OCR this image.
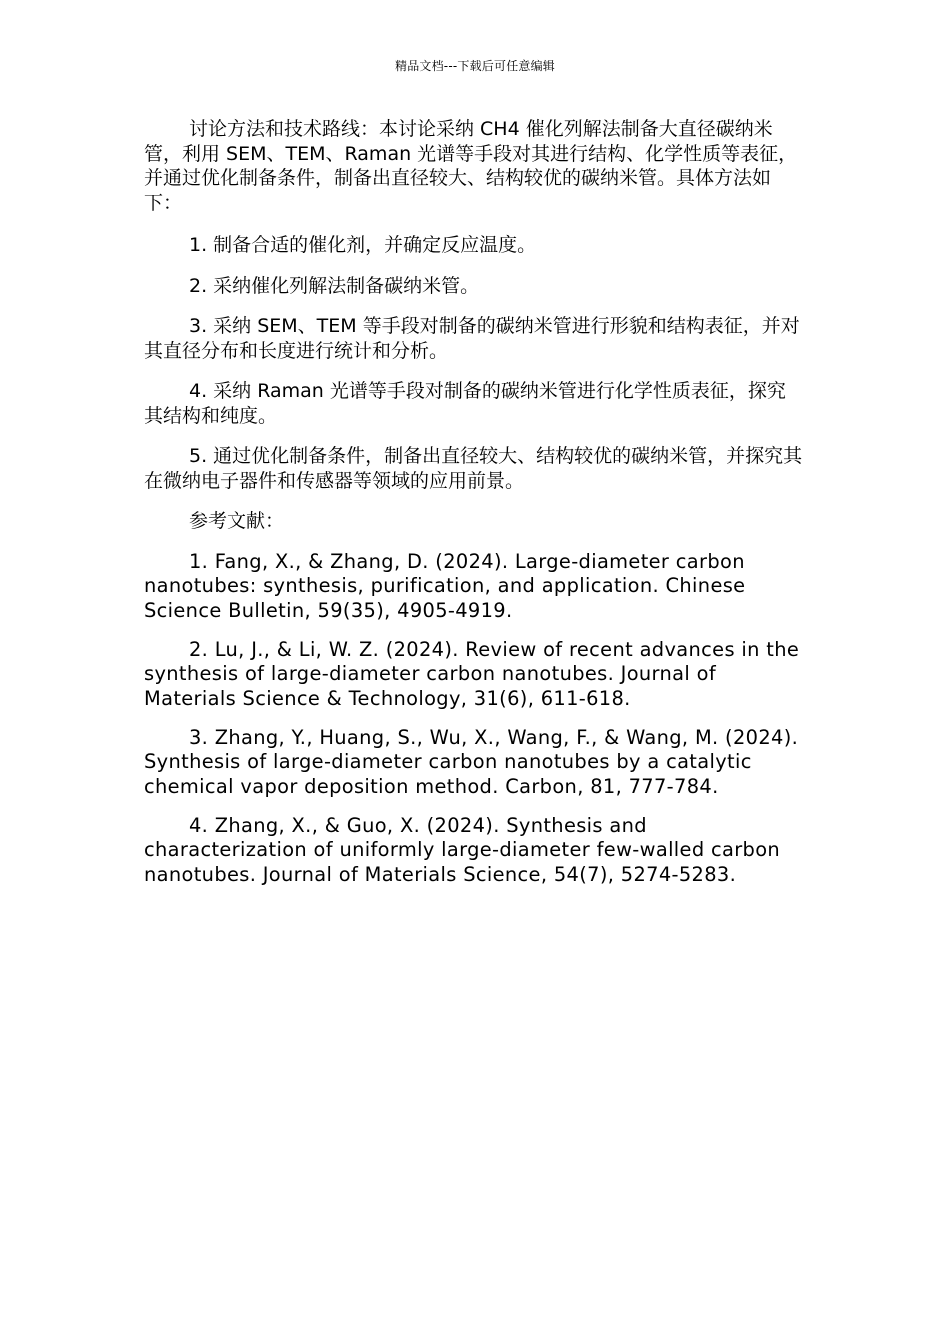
精品文档---下载后可任意编辑

讨论方法和技术路线：本讨论采纳 CH4 催化列解法制备大直径碳纳米管，利用 SEM、TEM、Raman 光谱等手段对其进行结构、化学性质等表征，并通过优化制备条件，制备出直径较大、结构较优的碳纳米管。具体方法如下：

1. 制备合适的催化剂，并确定反应温度。

2. 采纳催化列解法制备碳纳米管。

3. 采纳 SEM、TEM 等手段对制备的碳纳米管进行形貌和结构表征，并对其直径分布和长度进行统计和分析。

4. 采纳 Raman 光谱等手段对制备的碳纳米管进行化学性质表征，探究其结构和纯度。

5. 通过优化制备条件，制备出直径较大、结构较优的碳纳米管，并探究其在微纳电子器件和传感器等领域的应用前景。

参考文献：

1. Fang, X., & Zhang, D. (2024). Large-diameter carbon nanotubes: synthesis, purification, and application. Chinese Science Bulletin, 59(35), 4905-4919.

2. Lu, J., & Li, W. Z. (2024). Review of recent advances in the synthesis of large-diameter carbon nanotubes. Journal of Materials Science & Technology, 31(6), 611-618.

3. Zhang, Y., Huang, S., Wu, X., Wang, F., & Wang, M. (2024). Synthesis of large-diameter carbon nanotubes by a catalytic chemical vapor deposition method. Carbon, 81, 777-784.

4. Zhang, X., & Guo, X. (2024). Synthesis and characterization of uniformly large-diameter few-walled carbon nanotubes. Journal of Materials Science, 54(7), 5274-5283.
